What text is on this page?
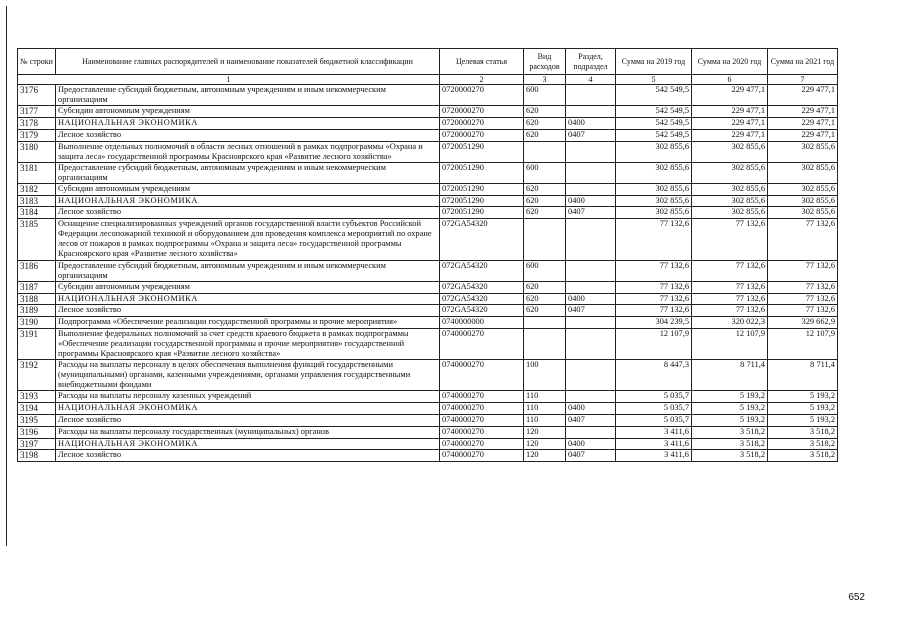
№ строки	Наименование главных распорядителей и наименование показателей бюджетной классификации	Целевая статья	Вид расходов	Раздел, подраздел	Сумма на 2019 год	Сумма на 2020 год	Сумма на 2021 год
1		2	3	4	5	6	7
3176	Предоставление субсидий бюджетным, автономным учреждениям и иным некоммерческим организациям	0720000270	600		542 549,5	229 477,1	229 477,1
3177	Субсидии автономным учреждениям	0720000270	620		542 549,5	229 477,1	229 477,1
3178	НАЦИОНАЛЬНАЯ ЭКОНОМИКА	0720000270	620	0400	542 549,5	229 477,1	229 477,1
3179	Лесное хозяйство	0720000270	620	0407	542 549,5	229 477,1	229 477,1
3180	Выполнение отдельных полномочий в области лесных отношений в рамках подпрограммы «Охрана и защита леса» государственной программы Красноярского края «Развитие лесного хозяйства»	0720051290			302 855,6	302 855,6	302 855,6
3181	Предоставление субсидий бюджетным, автономным учреждениям и иным некоммерческим организациям	0720051290	600		302 855,6	302 855,6	302 855,6
3182	Субсидии автономным учреждениям	0720051290	620		302 855,6	302 855,6	302 855,6
3183	НАЦИОНАЛЬНАЯ ЭКОНОМИКА	0720051290	620	0400	302 855,6	302 855,6	302 855,6
3184	Лесное хозяйство	0720051290	620	0407	302 855,6	302 855,6	302 855,6
3185	Оснащение специализированных учреждений органов государственной власти субъектов Российской Федерации лесопожарной техникой и оборудованием для проведения комплекса мероприятий по охране лесов от пожаров в рамках подпрограммы «Охрана и защита леса» государственной программы Красноярского края «Развитие лесного хозяйства»	072GA54320			77 132,6	77 132,6	77 132,6
3186	Предоставление субсидий бюджетным, автономным учреждениям и иным некоммерческим организациям	072GA54320	600		77 132,6	77 132,6	77 132,6
3187	Субсидии автономным учреждениям	072GA54320	620		77 132,6	77 132,6	77 132,6
3188	НАЦИОНАЛЬНАЯ ЭКОНОМИКА	072GA54320	620	0400	77 132,6	77 132,6	77 132,6
3189	Лесное хозяйство	072GA54320	620	0407	77 132,6	77 132,6	77 132,6
3190	Подпрограмма «Обеспечение реализации государственной программы и прочие мероприятия»	0740000000			304 239,5	320 022,3	329 662,9
3191	Выполнение федеральных полномочий за счет средств краевого бюджета в рамках подпрограммы «Обеспечение реализации государственной программы и прочие мероприятия» государственной программы Красноярского края «Развитие лесного хозяйства»	0740000270			12 107,9	12 107,9	12 107,9
3192	Расходы на выплаты персоналу в целях обеспечения выполнения функций государственными (муниципальными) органами, казенными учреждениями, органами управления государственными внебюджетными фондами	0740000270	100		8 447,3	8 711,4	8 711,4
3193	Расходы на выплаты персоналу казенных учреждений	0740000270	110		5 035,7	5 193,2	5 193,2
3194	НАЦИОНАЛЬНАЯ ЭКОНОМИКА	0740000270	110	0400	5 035,7	5 193,2	5 193,2
3195	Лесное хозяйство	0740000270	110	0407	5 035,7	5 193,2	5 193,2
3196	Расходы на выплаты персоналу государственных (муниципальных) органов	0740000270	120		3 411,6	3 518,2	3 518,2
3197	НАЦИОНАЛЬНАЯ ЭКОНОМИКА	0740000270	120	0400	3 411,6	3 518,2	3 518,2
3198	Лесное хозяйство	0740000270	120	0407	3 411,6	3 518,2	3 518,2
652
